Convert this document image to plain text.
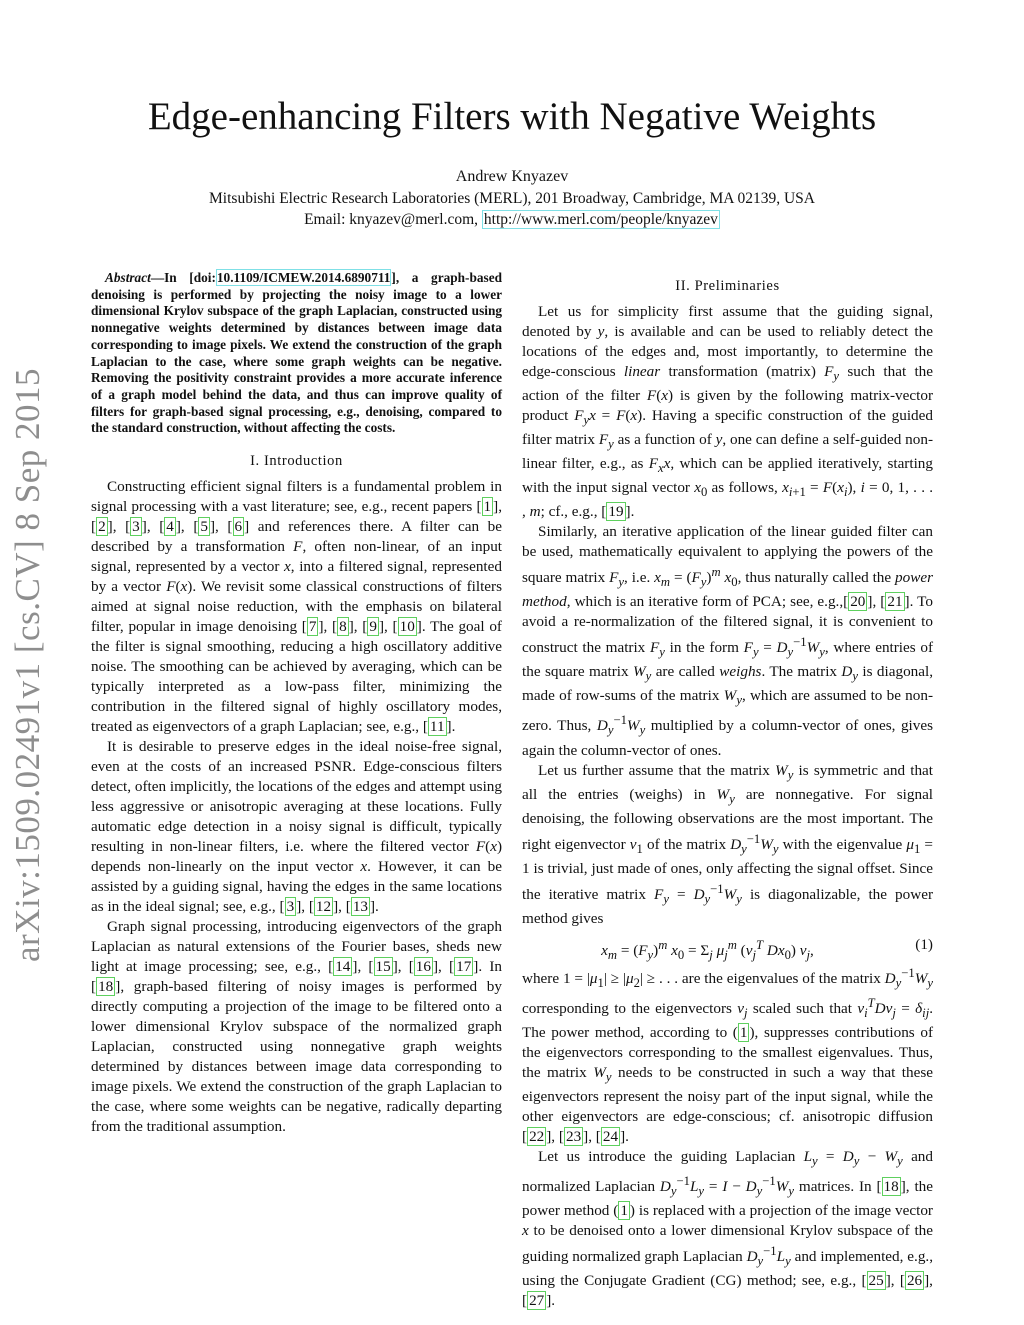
arXiv:1509.02491v1 [cs.CV] 8 Sep 2015
Edge-enhancing Filters with Negative Weights
Andrew Knyazev
Mitsubishi Electric Research Laboratories (MERL), 201 Broadway, Cambridge, MA 02139, USA
Email: knyazev@merl.com, http://www.merl.com/people/knyazev

Abstract—In [doi:10.1109/ICMEW.2014.6890711], a graph-based denoising is performed by projecting the noisy image to a lower dimensional Krylov subspace of the graph Laplacian, constructed using nonnegative weights determined by distances between image data corresponding to image pixels. We extend the construction of the graph Laplacian to the case, where some graph weights can be negative. Removing the positivity constraint provides a more accurate inference of a graph model behind the data, and thus can improve quality of filters for graph-based signal processing, e.g., denoising, compared to the standard construction, without affecting the costs.

I. Introduction

Constructing efficient signal filters is a fundamental problem in signal processing with a vast literature; see, e.g., recent papers [ 1 ], [ 2 ], [ 3 ], [ 4 ], [ 5 ], [ 6 ] and references there. A filter can be described by a transformation F, often non-linear, of an input signal, represented by a vector x, into a filtered signal, represented by a vector F(x). We revisit some classical constructions of filters aimed at signal noise reduction, with the emphasis on bilateral filter, popular in image denoising [ 7 ], [ 8 ], [ 9 ], [ 10 ]. The goal of the filter is signal smoothing, reducing a high oscillatory additive noise. The smoothing can be achieved by averaging, which can be typically interpreted as a low-pass filter, minimizing the contribution in the filtered signal of highly oscillatory modes, treated as eigenvectors of a graph Laplacian; see, e.g., [ 11 ].

It is desirable to preserve edges in the ideal noise-free signal, even at the costs of an increased PSNR. Edge-conscious filters detect, often implicitly, the locations of the edges and attempt using less aggressive or anisotropic averaging at these locations. Fully automatic edge detection in a noisy signal is difficult, typically resulting in non-linear filters, i.e. where the filtered vector F(x) depends non-linearly on the input vector x. However, it can be assisted by a guiding signal, having the edges in the same locations as in the ideal signal; see, e.g., [ 3 ], [ 12 ], [ 13 ].

Graph signal processing, introducing eigenvectors of the graph Laplacian as natural extensions of the Fourier bases, sheds new light at image processing; see, e.g., [ 14 ], [ 15 ], [ 16 ], [ 17 ]. In [ 18 ], graph-based filtering of noisy images is performed by directly computing a projection of the image to be filtered onto a lower dimensional Krylov subspace of the normalized graph Laplacian, constructed using nonnegative graph weights determined by distances between image data corresponding to image pixels. We extend the construction of the graph Laplacian to the case, where some weights can be negative, radically departing from the traditional assumption.

II. Preliminaries

Let us for simplicity first assume that the guiding signal, denoted by y, is available and can be used to reliably detect the locations of the edges and, most importantly, to determine the edge-conscious linear transformation (matrix) $F_y$ such that the action of the filter F(x) is given by the following matrix-vector product $F_yx = F(x)$. Having a specific construction of the guided filter matrix $F_y$ as a function of y, one can define a self-guided non-linear filter, e.g., as $F_xx$, which can be applied iteratively, starting with the input signal vector $x_0$ as follows, $x_{i+1} = F(x_i)$, i = 0, 1, . . . , m; cf., e.g., [ 19 ].

Similarly, an iterative application of the linear guided filter can be used, mathematically equivalent to applying the powers of the square matrix $F_y$, i.e. $x_m = (F_y)^m$ $x_0$, thus naturally called the power method, which is an iterative form of PCA; see, e.g.,[ 20 ], [ 21 ]. To avoid a re-normalization of the filtered signal, it is convenient to construct the matrix $F_y$ in the form $F_y = D_y^{-1}W_y$, where entries of the square matrix $W_y$ are called weighs. The matrix $D_y$ is diagonal, made of row-sums of the matrix $W_y$, which are assumed to be non-zero. Thus, $D_y^{-1}W_y$ multiplied by a column-vector of ones, gives again the column-vector of ones.

Let us further assume that the matrix $W_y$ is symmetric and that all the entries (weighs) in $W_y$ are nonnegative. For signal denoising, the following observations are the most important. The right eigenvector $v_1$ of the matrix $D_y^{-1}W_y$ with the eigenvalue $\mu_1 = 1$ is trivial, just made of ones, only affecting the signal offset. Since the iterative matrix $F_y = D_y^{-1}W_y$ is diagonalizable, the power method gives

$x_m = (F_y)^m$ $x_0 = \Sigma_j$ $\mu_j^m$ ($v_j^T$ $Dx_0$) $v_j$,	(1)

where $1 = |\mu_1| \ge |\mu_2|$ ≥ . . . are the eigenvalues of the matrix $D_y^{-1}W_y$ corresponding to the eigenvectors $v_j$ scaled such that $v_i^TDv_j = \delta_{ij}$. The power method, according to ( 1 ), suppresses contributions of the eigenvectors corresponding to the smallest eigenvalues. Thus, the matrix $W_y$ needs to be constructed in such a way that these eigenvectors represent the noisy part of the input signal, while the other eigenvectors are edge-conscious; cf. anisotropic diffusion [ 22 ], [ 23 ], [ 24 ].

Let us introduce the guiding Laplacian $L_y = D_y - W_y$ and normalized Laplacian $D_y^{-1}L_y = I - D_y^{-1}W_y$ matrices. In [ 18 ], the power method ( 1 ) is replaced with a projection of the image vector x to be denoised onto a lower dimensional Krylov subspace of the guiding normalized graph Laplacian $D_y^{-1}L_y$ and implemented, e.g., using the Conjugate Gradient (CG) method; see, e.g., [ 25 ], [ 26 ], [ 27 ].
